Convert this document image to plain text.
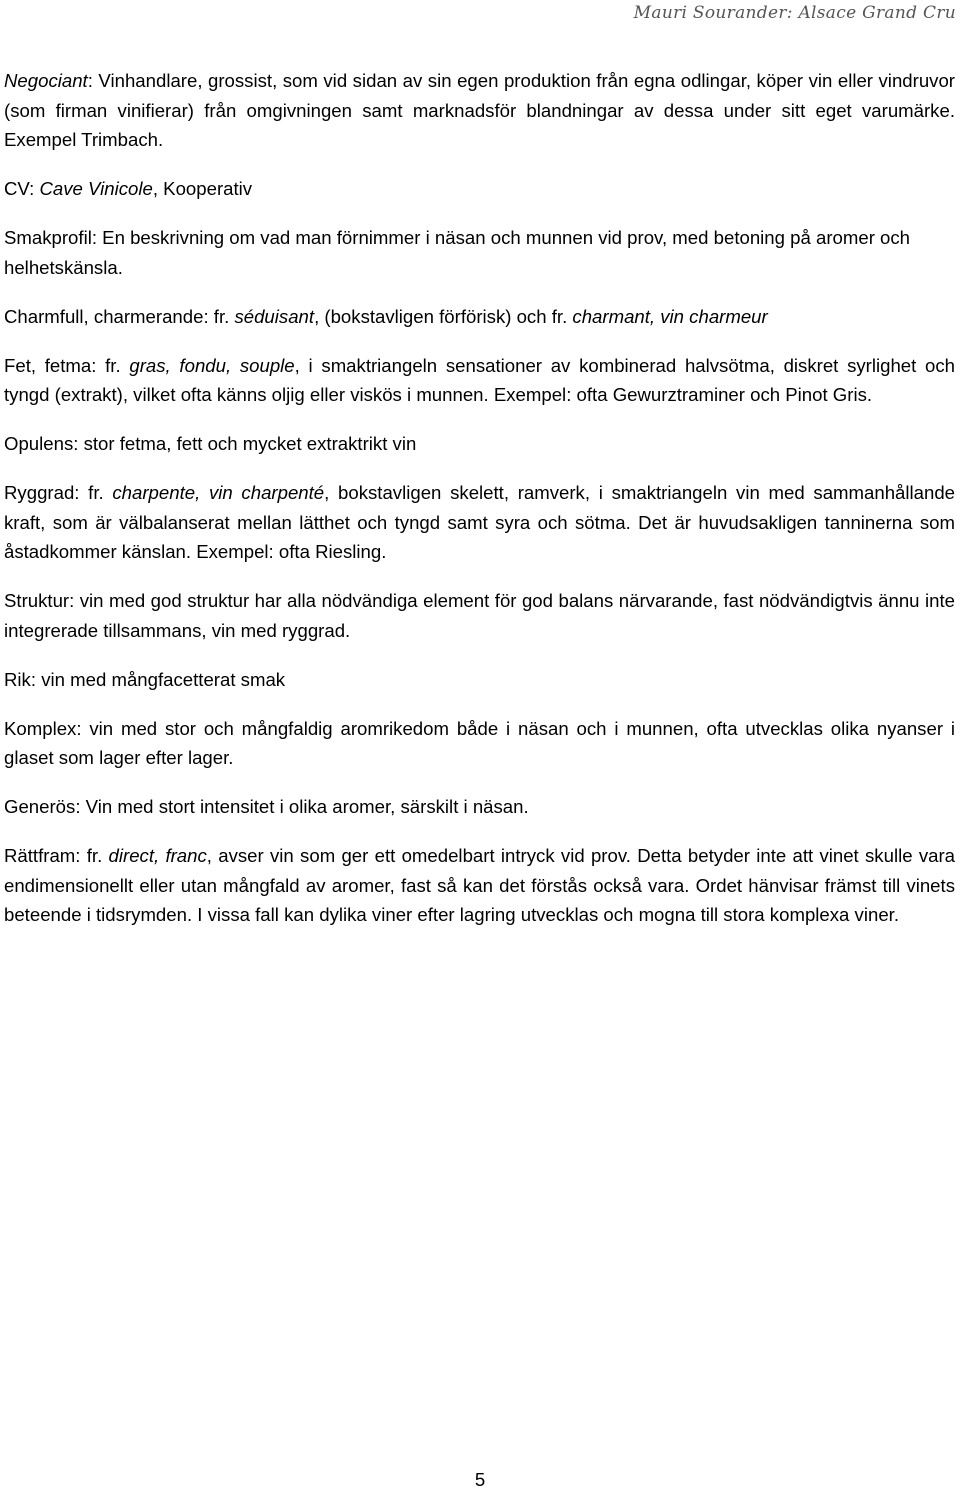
Mauri Sourander: Alsace Grand Cru

Negociant: Vinhandlare, grossist, som vid sidan av sin egen produktion från egna odlingar, köper vin eller vindruvor (som firman vinifierar) från omgivningen samt marknadsför blandningar av dessa under sitt eget varumärke. Exempel Trimbach.

CV: Cave Vinicole, Kooperativ

Smakprofil: En beskrivning om vad man förnimmer i näsan och munnen vid prov, med betoning på aromer och helhetskänsla.

Charmfull, charmerande: fr. séduisant, (bokstavligen förförisk) och fr. charmant, vin charmeur

Fet, fetma: fr. gras, fondu, souple, i smaktriangeln sensationer av kombinerad halvsötma, diskret syrlighet och tyngd (extrakt), vilket ofta känns oljig eller viskös i munnen. Exempel: ofta Gewurztraminer och Pinot Gris.

Opulens: stor fetma, fett och mycket extraktrikt vin

Ryggrad: fr. charpente, vin charpenté, bokstavligen skelett, ramverk, i smaktriangeln vin med sammanhållande kraft, som är välbalanserat mellan lätthet och tyngd samt syra och sötma. Det är huvudsakligen tanninerna som åstadkommer känslan. Exempel: ofta Riesling.

Struktur: vin med god struktur har alla nödvändiga element för god balans närvarande, fast nödvändigtvis ännu inte integrerade tillsammans, vin med ryggrad.

Rik: vin med mångfacetterat smak

Komplex: vin med stor och mångfaldig aromrikedom både i näsan och i munnen, ofta utvecklas olika nyanser i glaset som lager efter lager.

Generös: Vin med stort intensitet i olika aromer, särskilt i näsan.

Rättfram: fr. direct, franc, avser vin som ger ett omedelbart intryck vid prov. Detta betyder inte att vinet skulle vara endimensionellt eller utan mångfald av aromer, fast så kan det förstås också vara. Ordet hänvisar främst till vinets beteende i tidsrymden. I vissa fall kan dylika viner efter lagring utvecklas och mogna till stora komplexa viner.

5
